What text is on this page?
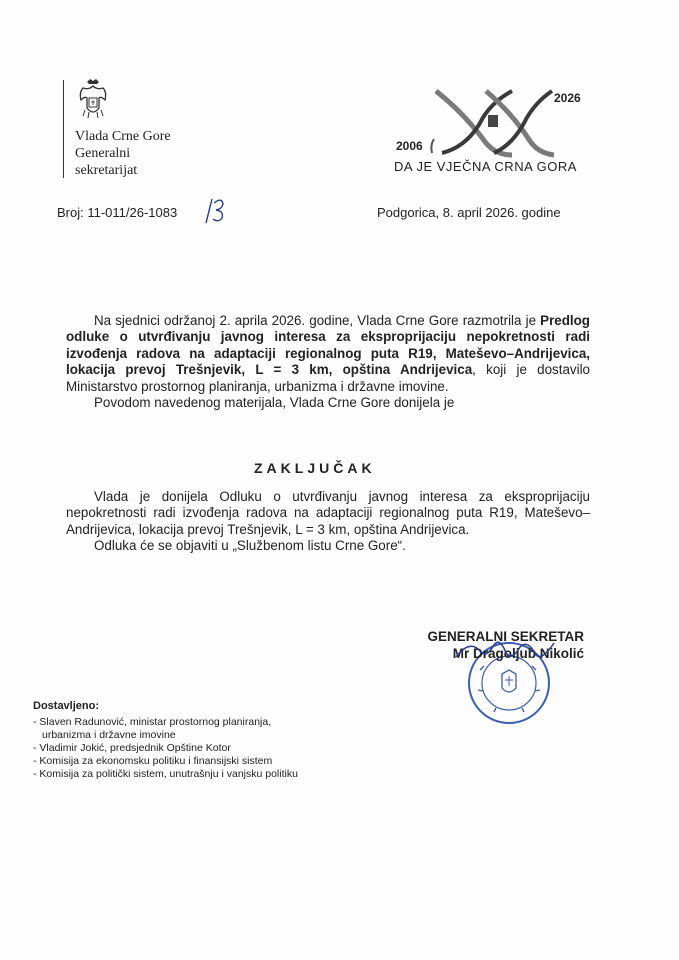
Vlada Crne Gore
Generalni
sekretarijat
2006
2026
DA JE VJEČNA CRNA GORA
Broj: 11-011/26-1083	Podgorica, 8. april 2026. godine

Na sjednici održanoj 2. aprila 2026. godine, Vlada Crne Gore razmotrila je Predlog odluke o utvrđivanju javnog interesa za eksproprijaciju nepokretnosti radi izvođenja radova na adaptaciji regionalnog puta R19, Mateševo–Andrijevica, lokacija prevoj Trešnjevik, L = 3 km, opština Andrijevica, koji je dostavilo Ministarstvo prostornog planiranja, urbanizma i državne imovine.

Povodom navedenog materijala, Vlada Crne Gore donijela je

ZAKLJUČAK

Vlada je donijela Odluku o utvrđivanju javnog interesa za eksproprijaciju nepokretnosti radi izvođenja radova na adaptaciji regionalnog puta R19, Mateševo–Andrijevica, lokacija prevoj Trešnjevik, L = 3 km, opština Andrijevica.

Odluka će se objaviti u „Službenom listu Crne Gore“.

GENERALNI SEKRETAR
Mr Dragoljub Nikolić
Dostavljeno:
- Slaven Radunović, ministar prostornog planiranja,
urbanizma i državne imovine
- Vladimir Jokić, predsjednik Opštine Kotor
- Komisija za ekonomsku politiku i finansijski sistem
- Komisija za politički sistem, unutrašnju i vanjsku politiku
